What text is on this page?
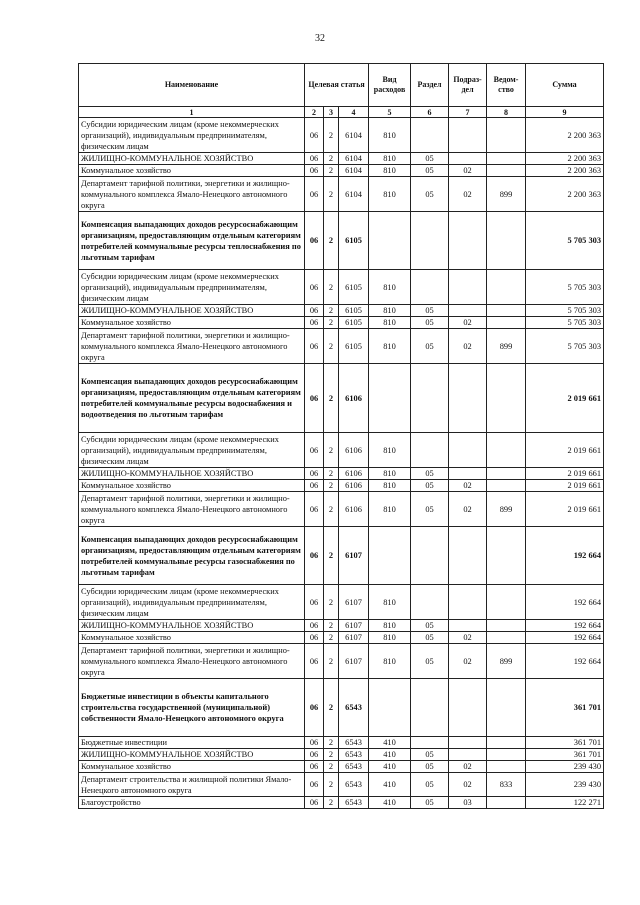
32
Наименование	Целевая статья			Вид расходов	Раздел	Подраз-дел	Ведом-ство	Сумма
1	2	3	4	5	6	7	8	9
Субсидии юридическим лицам (кроме некоммерческих организаций), индивидуальным предпринимателям, физическим лицам	06	2	6104	810				2 200 363
ЖИЛИЩНО-КОММУНАЛЬНОЕ ХОЗЯЙСТВО	06	2	6104	810	05			2 200 363
Коммунальное хозяйство	06	2	6104	810	05	02		2 200 363
Департамент тарифной политики, энергетики и жилищно-коммунального комплекса Ямало-Ненецкого автономного округа	06	2	6104	810	05	02	899	2 200 363
Компенсация выпадающих доходов ресурсоснабжающим организациям, предоставляющим отдельным категориям потребителей коммунальные ресурсы теплоснабжения по льготным тарифам	06	2	6105					5 705 303
Субсидии юридическим лицам (кроме некоммерческих организаций), индивидуальным предпринимателям, физическим лицам	06	2	6105	810				5 705 303
ЖИЛИЩНО-КОММУНАЛЬНОЕ ХОЗЯЙСТВО	06	2	6105	810	05			5 705 303
Коммунальное хозяйство	06	2	6105	810	05	02		5 705 303
Департамент тарифной политики, энергетики и жилищно-коммунального комплекса Ямало-Ненецкого автономного округа	06	2	6105	810	05	02	899	5 705 303
Компенсация выпадающих доходов ресурсоснабжающим организациям, предоставляющим отдельным категориям потребителей коммунальные ресурсы водоснабжения и водоотведения по льготным тарифам	06	2	6106					2 019 661
Субсидии юридическим лицам (кроме некоммерческих организаций), индивидуальным предпринимателям, физическим лицам	06	2	6106	810				2 019 661
ЖИЛИЩНО-КОММУНАЛЬНОЕ ХОЗЯЙСТВО	06	2	6106	810	05			2 019 661
Коммунальное хозяйство	06	2	6106	810	05	02		2 019 661
Департамент тарифной политики, энергетики и жилищно-коммунального комплекса Ямало-Ненецкого автономного округа	06	2	6106	810	05	02	899	2 019 661
Компенсация выпадающих доходов ресурсоснабжающим организациям, предоставляющим отдельным категориям потребителей коммунальные ресурсы газоснабжения по льготным тарифам	06	2	6107					192 664
Субсидии юридическим лицам (кроме некоммерческих организаций), индивидуальным предпринимателям, физическим лицам	06	2	6107	810				192 664
ЖИЛИЩНО-КОММУНАЛЬНОЕ ХОЗЯЙСТВО	06	2	6107	810	05			192 664
Коммунальное хозяйство	06	2	6107	810	05	02		192 664
Департамент тарифной политики, энергетики и жилищно-коммунального комплекса Ямало-Ненецкого автономного округа	06	2	6107	810	05	02	899	192 664
Бюджетные инвестиции в объекты капитального строительства государственной (муниципальной) собственности Ямало-Ненецкого автономного округа	06	2	6543					361 701
Бюджетные инвестиции	06	2	6543	410				361 701
ЖИЛИЩНО-КОММУНАЛЬНОЕ ХОЗЯЙСТВО	06	2	6543	410	05			361 701
Коммунальное хозяйство	06	2	6543	410	05	02		239 430
Департамент строительства и жилищной политики Ямало-Ненецкого автономного округа	06	2	6543	410	05	02	833	239 430
Благоустройство	06	2	6543	410	05	03		122 271
